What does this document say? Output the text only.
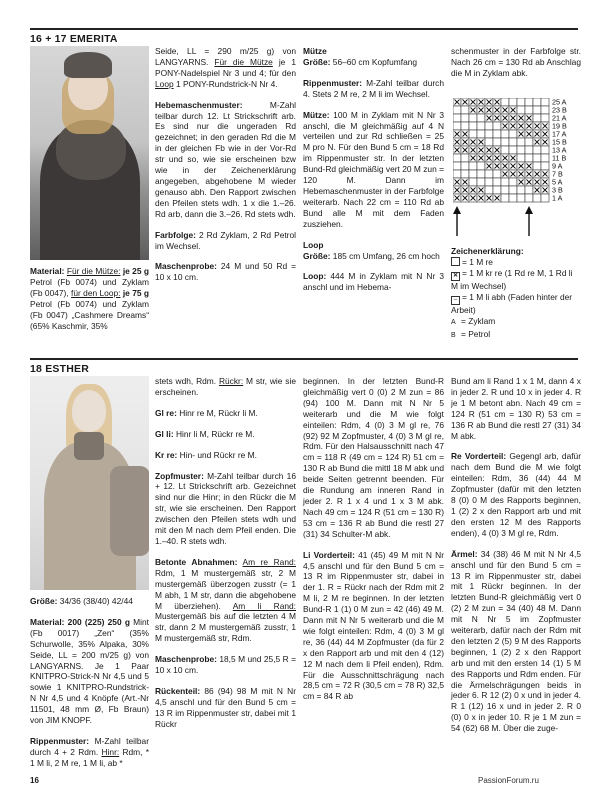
16 + 17 EMERITA
Material: Für die Mütze: je 25 g Petrol (Fb 0074) und Zyklam (Fb 0047), für den Loop: je 75 g Petrol (Fb 0074) und Zyklam (Fb 0047) „Cashmere Dreams“ (65% Kaschmir, 35%

Seide, LL = 290 m/25 g) von LANGYARNS. Für die Mütze je 1 PONY-Nadelspiel Nr 3 und 4; für den Loop 1 PONY-Rundstrick-N Nr 4.

Hebemaschenmuster: M-Zahl teilbar durch 12. Lt Strickschrift arb. Es sind nur die ungeraden Rd gezeichnet; in den geraden Rd die M in der gleichen Fb wie in der Vor-Rd str und so, wie sie erscheinen bzw wie in der Zeichenerklärung angegeben, abgehobene M wieder genauso abh. Den Rapport zwischen den Pfeilen stets wdh. 1 x die 1.–26. Rd arb, dann die 3.–26. Rd stets wdh.

Farbfolge: 2 Rd Zyklam, 2 Rd Petrol im Wechsel.

Maschenprobe: 24 M und 50 Rd = 10 x 10 cm.

Mütze

Größe: 56–60 cm Kopfumfang

Rippenmuster: M-Zahl teilbar durch 4. Stets 2 M re, 2 M li im Wechsel.

Mütze: 100 M in Zyklam mit N Nr 3 anschl, die M gleichmäßig auf 4 N verteilen und zur Rd schließen = 25 M pro N. Für den Bund 5 cm = 18 Rd im Rippenmuster str. In der letzten Bund-Rd gleichmäßig vert 20 M zun = 120 M. Dann im Hebemaschenmuster in der Farbfolge weiterarb. Nach 22 cm = 110 Rd ab Bund alle M mit dem Faden zusziehen.

Loop

Größe: 185 cm Umfang, 26 cm hoch

Loop: 444 M in Zyklam mit N Nr 3 anschl und im Hebema-

schenmuster in der Farbfolge str. Nach 26 cm = 130 Rd ab Anschlag die M in Zyklam abk.
25 A
23 B
21 A
19 B
17 A
15 B
13 A
11 B
9 A
7 B
5 A
3 B
1 A
Zeichenerklärung:
= 1 M re
✕ = 1 M kr re (1 Rd re M, 1 Rd li M im Wechsel)
– = 1 M li abh (Faden hinter der Arbeit)
A = Zyklam
B = Petrol
18 ESTHER

Größe: 34/36 (38/40) 42/44

Material: 200 (225) 250 g Mint (Fb 0017) „Zen“ (35% Schurwolle, 35% Alpaka, 30% Seide, LL = 200 m/25 g) von LANGYARNS. Je 1 Paar KNITPRO-Strick-N Nr 4,5 und 5 sowie 1 KNITPRO-Rundstrick-N Nr 4,5 und 4 Knöpfe (Art.-Nr 11501, 48 mm Ø, Fb Braun) von JIM KNOPF.

Rippenmuster: M-Zahl teilbar durch 4 + 2 Rdm. Hinr: Rdm, * 1 M li, 2 M re, 1 M li, ab *

stets wdh, Rdm. Rückr: M str, wie sie erscheinen.

Gl re: Hinr re M, Rückr li M.

Gl li: Hinr li M, Rückr re M.

Kr re: Hin- und Rückr re M.

Zopfmuster: M-Zahl teilbar durch 16 + 12. Lt Strickschrift arb. Gezeichnet sind nur die Hinr; in den Rückr die M str, wie sie erscheinen. Den Rapport zwischen den Pfeilen stets wdh und mit den M nach dem Pfeil enden. Die 1.–40. R stets wdh.

Betonte Abnahmen: Am re Rand: Rdm, 1 M mustergemäß str, 2 M mustergemäß überzogen zusstr (= 1 M abh, 1 M str, dann die abgehobene M überziehen). Am li Rand: Mustergemäß bis auf die letzten 4 M str, dann 2 M mustergemäß zusstr, 1 M mustergemäß str, Rdm.

Maschenprobe: 18,5 M und 25,5 R = 10 x 10 cm.

Rückenteil: 86 (94) 98 M mit N Nr 4,5 anschl und für den Bund 5 cm = 13 R im Rippenmuster str, dabei mit 1 Rückr

beginnen. In der letzten Bund-R gleichmäßig vert 0 (0) 2 M zun = 86 (94) 100 M. Dann mit N Nr 5 weiterarb und die M wie folgt einteilen: Rdm, 4 (0) 3 M gl re, 76 (92) 92 M Zopfmuster, 4 (0) 3 M gl re, Rdm. Für den Halsausschnitt nach 47 cm = 118 R (49 cm = 124 R) 51 cm = 130 R ab Bund die mittl 18 M abk und beide Seiten getrennt beenden. Für die Rundung am inneren Rand in jeder 2. R 1 x 4 und 1 x 3 M abk. Nach 49 cm = 124 R (51 cm = 130 R) 53 cm = 136 R ab Bund die restl 27 (31) 34 Schulter-M abk.

Li Vorderteil: 41 (45) 49 M mit N Nr 4,5 anschl und für den Bund 5 cm = 13 R im Rippenmuster str, dabei in der 1. R = Rückr nach der Rdm mit 2 M li, 2 M re beginnen. In der letzten Bund-R 1 (1) 0 M zun = 42 (46) 49 M. Dann mit N Nr 5 weiterarb und die M wie folgt einteilen: Rdm, 4 (0) 3 M gl re, 36 (44) 44 M Zopfmuster (da für 2 x den Rapport arb und mit den 4 (12) 12 M nach dem li Pfeil enden), Rdm. Für die Ausschnittschrägung nach 28,5 cm = 72 R (30,5 cm = 78 R) 32,5 cm = 84 R ab

Bund am li Rand 1 x 1 M, dann 4 x in jeder 2. R und 10 x in jeder 4. R je 1 M betont abn. Nach 49 cm = 124 R (51 cm = 130 R) 53 cm = 136 R ab Bund die restl 27 (31) 34 M abk.

Re Vorderteil: Gegengl arb, dafür nach dem Bund die M wie folgt einteilen: Rdm, 36 (44) 44 M Zopfmuster (dafür mit den letzten 8 (0) 0 M des Rapports beginnen, 1 (2) 2 x den Rapport arb und mit den ersten 12 M des Rapports enden), 4 (0) 3 M gl re, Rdm.

Ärmel: 34 (38) 46 M mit N Nr 4,5 anschl und für den Bund 5 cm = 13 R im Rippenmuster str, dabei mit 1 Rückr beginnen. In der letzten Bund-R gleichmäßig vert 0 (2) 2 M zun = 34 (40) 48 M. Dann mit N Nr 5 im Zopfmuster weiterarb, dafür nach der Rdm mit den letzten 2 (5) 9 M des Rapports beginnen, 1 (2) 2 x den Rapport arb und mit den ersten 14 (1) 5 M des Rapports und Rdm enden. Für die Ärmelschrägungen beids in jeder 6. R 12 (2) 0 x und in jeder 4. R 1 (12) 16 x und in jeder 2. R 0 (0) 0 x in jeder 10. R je 1 M zun = 54 (62) 68 M. Über die zuge-

16	PassionForum.ru
